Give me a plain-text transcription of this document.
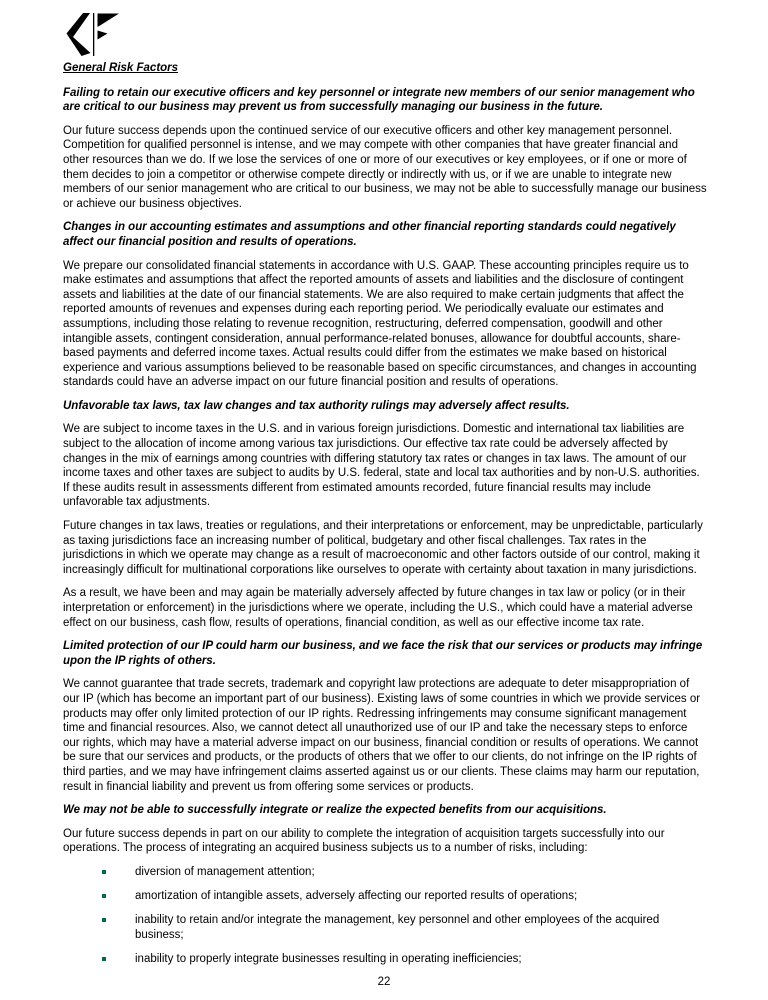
General Risk Factors

Failing to retain our executive officers and key personnel or integrate new members of our senior management who are critical to our business may prevent us from successfully managing our business in the future.

Our future success depends upon the continued service of our executive officers and other key management personnel. Competition for qualified personnel is intense, and we may compete with other companies that have greater financial and other resources than we do. If we lose the services of one or more of our executives or key employees, or if one or more of them decides to join a competitor or otherwise compete directly or indirectly with us, or if we are unable to integrate new members of our senior management who are critical to our business, we may not be able to successfully manage our business or achieve our business objectives.

Changes in our accounting estimates and assumptions and other financial reporting standards could negatively affect our financial position and results of operations.

We prepare our consolidated financial statements in accordance with U.S. GAAP. These accounting principles require us to make estimates and assumptions that affect the reported amounts of assets and liabilities and the disclosure of contingent assets and liabilities at the date of our financial statements. We are also required to make certain judgments that affect the reported amounts of revenues and expenses during each reporting period. We periodically evaluate our estimates and assumptions, including those relating to revenue recognition, restructuring, deferred compensation, goodwill and other intangible assets, contingent consideration, annual performance-related bonuses, allowance for doubtful accounts, share-based payments and deferred income taxes. Actual results could differ from the estimates we make based on historical experience and various assumptions believed to be reasonable based on specific circumstances, and changes in accounting standards could have an adverse impact on our future financial position and results of operations.

Unfavorable tax laws, tax law changes and tax authority rulings may adversely affect results.

We are subject to income taxes in the U.S. and in various foreign jurisdictions. Domestic and international tax liabilities are subject to the allocation of income among various tax jurisdictions. Our effective tax rate could be adversely affected by changes in the mix of earnings among countries with differing statutory tax rates or changes in tax laws. The amount of our income taxes and other taxes are subject to audits by U.S. federal, state and local tax authorities and by non-U.S. authorities. If these audits result in assessments different from estimated amounts recorded, future financial results may include unfavorable tax adjustments.

Future changes in tax laws, treaties or regulations, and their interpretations or enforcement, may be unpredictable, particularly as taxing jurisdictions face an increasing number of political, budgetary and other fiscal challenges. Tax rates in the jurisdictions in which we operate may change as a result of macroeconomic and other factors outside of our control, making it increasingly difficult for multinational corporations like ourselves to operate with certainty about taxation in many jurisdictions.

As a result, we have been and may again be materially adversely affected by future changes in tax law or policy (or in their interpretation or enforcement) in the jurisdictions where we operate, including the U.S., which could have a material adverse effect on our business, cash flow, results of operations, financial condition, as well as our effective income tax rate.

Limited protection of our IP could harm our business, and we face the risk that our services or products may infringe upon the IP rights of others.

We cannot guarantee that trade secrets, trademark and copyright law protections are adequate to deter misappropriation of our IP (which has become an important part of our business). Existing laws of some countries in which we provide services or products may offer only limited protection of our IP rights. Redressing infringements may consume significant management time and financial resources. Also, we cannot detect all unauthorized use of our IP and take the necessary steps to enforce our rights, which may have a material adverse impact on our business, financial condition or results of operations. We cannot be sure that our services and products, or the products of others that we offer to our clients, do not infringe on the IP rights of third parties, and we may have infringement claims asserted against us or our clients. These claims may harm our reputation, result in financial liability and prevent us from offering some services or products.

We may not be able to successfully integrate or realize the expected benefits from our acquisitions.

Our future success depends in part on our ability to complete the integration of acquisition targets successfully into our operations. The process of integrating an acquired business subjects us to a number of risks, including:

diversion of management attention;
amortization of intangible assets, adversely affecting our reported results of operations;
inability to retain and/or integrate the management, key personnel and other employees of the acquired business;
inability to properly integrate businesses resulting in operating inefficiencies;
22
